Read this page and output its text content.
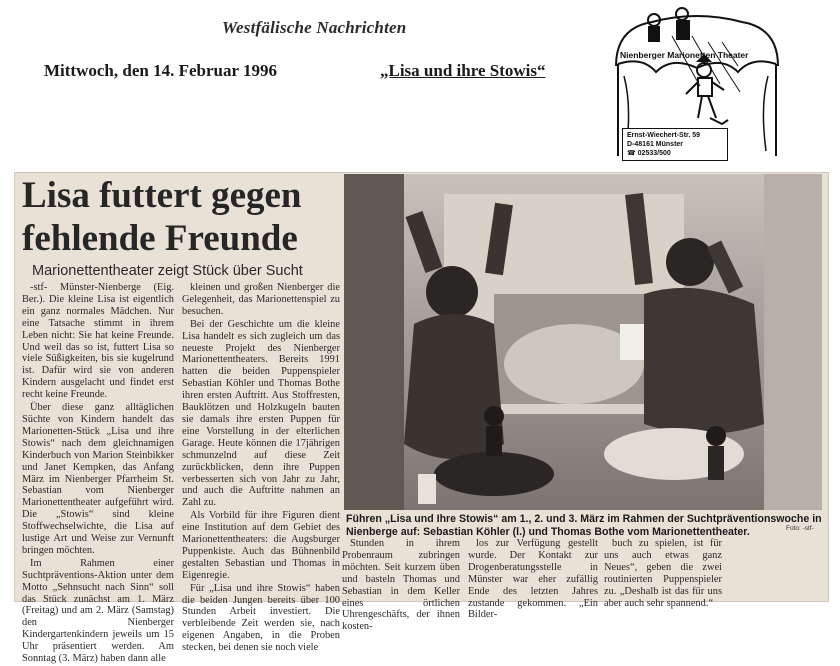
Westfälische Nachrichten
Mittwoch, den 14. Februar 1996	„Lisa und ihre Stowis“
Nienberger Marionetten Theater
Ernst-Wiechert-Str. 59
D-48161 Münster
☎ 02533/500
Lisa futtert gegen fehlende Freunde
Marionettentheater zeigt Stück über Sucht

-stf- Münster-Nienberge (Eig. Ber.). Die kleine Lisa ist eigentlich ein ganz normales Mädchen. Nur eine Tatsache stimmt in ihrem Leben nicht: Sie hat keine Freunde. Und weil das so ist, futtert Lisa so viele Süßigkeiten, bis sie kugelrund ist. Dafür wird sie von anderen Kindern ausgelacht und findet erst recht keine Freunde.

Über diese ganz alltäglichen Süchte von Kindern handelt das Marionetten-Stück „Lisa und ihre Stowis“ nach dem gleichnamigen Kinderbuch von Marion Steinbikker und Janet Kempken, das Anfang März im Nienberger Pfarrheim St. Sebastian vom Nienberger Marionettentheater aufgeführt wird. Die „Stowis“ sind kleine Stoffwechselwichte, die Lisa auf lustige Art und Weise zur Vernunft bringen möchten.

Im Rahmen einer Suchtpräventions-Aktion unter dem Motto „Sehnsucht nach Sinn“ soll das Stück zunächst am 1. März (Freitag) und am 2. März (Samstag) den Nienberger Kindergartenkindern jeweils um 15 Uhr präsentiert werden. Am Sonntag (3. März) haben dann alle

kleinen und großen Nienberger die Gelegenheit, das Marionettenspiel zu besuchen.

Bei der Geschichte um die kleine Lisa handelt es sich zugleich um das neueste Projekt des Nienberger Marionettentheaters. Bereits 1991 hatten die beiden Puppenspieler Sebastian Köhler und Thomas Bothe ihren ersten Auftritt. Aus Stoffresten, Bauklötzen und Holzkugeln bauten sie damals ihre ersten Puppen für eine Vorstellung in der elterlichen Garage. Heute können die 17jährigen schmunzelnd auf diese Zeit zurückblicken, denn ihre Puppen verbesserten sich von Jahr zu Jahr, und auch die Auftritte nahmen an Zahl zu.

Als Vorbild für ihre Figuren dient eine Institution auf dem Gebiet des Marionettentheaters: die Augsburger Puppenkiste. Auch das Bühnenbild gestalten Sebastian und Thomas in Eigenregie.

Für „Lisa und ihre Stowis“ haben die beiden Jungen bereits über 100 Stunden Arbeit investiert. Die verbleibende Zeit werden sie, nach eigenen Angaben, in die Proben stecken, bei denen sie noch viele

Führen „Lisa und Ihre Stowis“ am 1., 2. und 3. März im Rahmen der Suchtpräventionswoche in Nienberge auf: Sebastian Köhler (l.) und Thomas Bothe vom Marionettentheater.	Foto: -stf-

Stunden in ihrem Probenraum zubringen möchten. Seit kurzem üben und basteln Thomas und Sebastian in dem Keller eines örtlichen Uhrengeschäfts, der ihnen kosten-

los zur Verfügung gestellt wurde. Der Kontakt zur Drogenberatungsstelle in Münster war eher zufällig Ende des letzten Jahres zustande gekommen. „Ein Bilder-

buch zu spielen, ist für uns auch etwas ganz Neues“, geben die zwei routinierten Puppenspieler zu. „Deshalb ist das für uns aber auch sehr spannend.“
